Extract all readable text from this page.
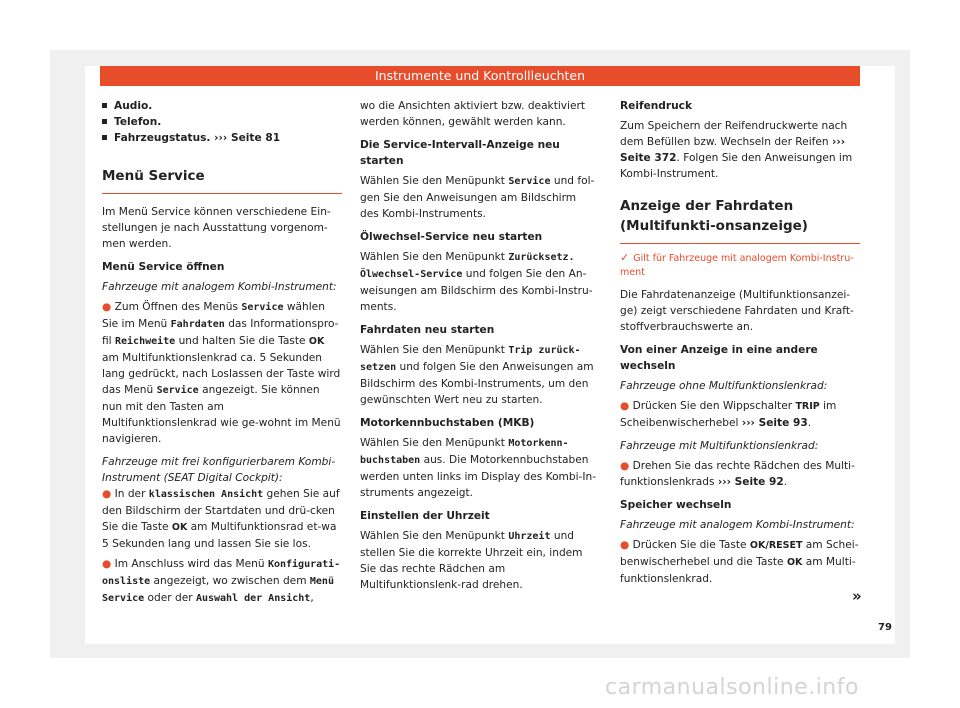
Instrumente und Kontrollleuchten

Audio.

Telefon.

Fahrzeugstatus. ››› Seite 81

Menü Service

Im Menü Service können verschiedene Ein-stellungen je nach Ausstattung vorgenom-men werden.

Menü Service öffnen

Fahrzeuge mit analogem Kombi-Instrument:

● Zum Öffnen des Menüs Service wählen Sie im Menü Fahrdaten das Informationspro-fil Reichweite und halten Sie die Taste OK am Multifunktionslenkrad ca. 5 Sekunden lang gedrückt, nach Loslassen der Taste wird das Menü Service angezeigt. Sie können nun mit den Tasten am Multifunktionslenkrad wie ge-wohnt im Menü navigieren.

Fahrzeuge mit frei konfigurierbarem Kombi-Instrument (SEAT Digital Cockpit):

● In der klassischen Ansicht gehen Sie auf den Bildschirm der Startdaten und drü-cken Sie die Taste OK am Multifunktionsrad et-wa 5 Sekunden lang und lassen Sie sie los.

● Im Anschluss wird das Menü Konfigurati-onsliste angezeigt, wo zwischen dem Menü Service oder der Auswahl der Ansicht,

wo die Ansichten aktiviert bzw. deaktiviert werden können, gewählt werden kann.

Die Service-Intervall-Anzeige neu starten

Wählen Sie den Menüpunkt Service und fol-gen Sie den Anweisungen am Bildschirm des Kombi-Instruments.

Ölwechsel-Service neu starten

Wählen Sie den Menüpunkt Zurücksetz. Ölwechsel-Service und folgen Sie den An-weisungen am Bildschirm des Kombi-Instru-ments.

Fahrdaten neu starten

Wählen Sie den Menüpunkt Trip zurück-setzen und folgen Sie den Anweisungen am Bildschirm des Kombi-Instruments, um den gewünschten Wert neu zu starten.

Motorkennbuchstaben (MKB)

Wählen Sie den Menüpunkt Motorkenn-buchstaben aus. Die Motorkennbuchstaben werden unten links im Display des Kombi-In-struments angezeigt.

Einstellen der Uhrzeit

Wählen Sie den Menüpunkt Uhrzeit und stellen Sie die korrekte Uhrzeit ein, indem Sie das rechte Rädchen am Multifunktionslenk-rad drehen.

Reifendruck

Zum Speichern der Reifendruckwerte nach dem Befüllen bzw. Wechseln der Reifen ››› Seite 372. Folgen Sie den Anweisungen im Kombi-Instrument.

Anzeige der Fahrdaten (Multifunkti-onsanzeige)

✓ Gilt für Fahrzeuge mit analogem Kombi-Instru-ment

Die Fahrdatenanzeige (Multifunktionsanzei-ge) zeigt verschiedene Fahrdaten und Kraft-stoffverbrauchswerte an.

Von einer Anzeige in eine andere wechseln

Fahrzeuge ohne Multifunktionslenkrad:

● Drücken Sie den Wippschalter TRIP im Scheibenwischerhebel ››› Seite 93.

Fahrzeuge mit Multifunktionslenkrad:

● Drehen Sie das rechte Rädchen des Multi-funktionslenkrads ››› Seite 92.

Speicher wechseln

Fahrzeuge mit analogem Kombi-Instrument:

● Drücken Sie die Taste OK/RESET am Schei-benwischerhebel und die Taste OK am Multi-funktionslenkrad.

»
79
carmanualsonline.info
